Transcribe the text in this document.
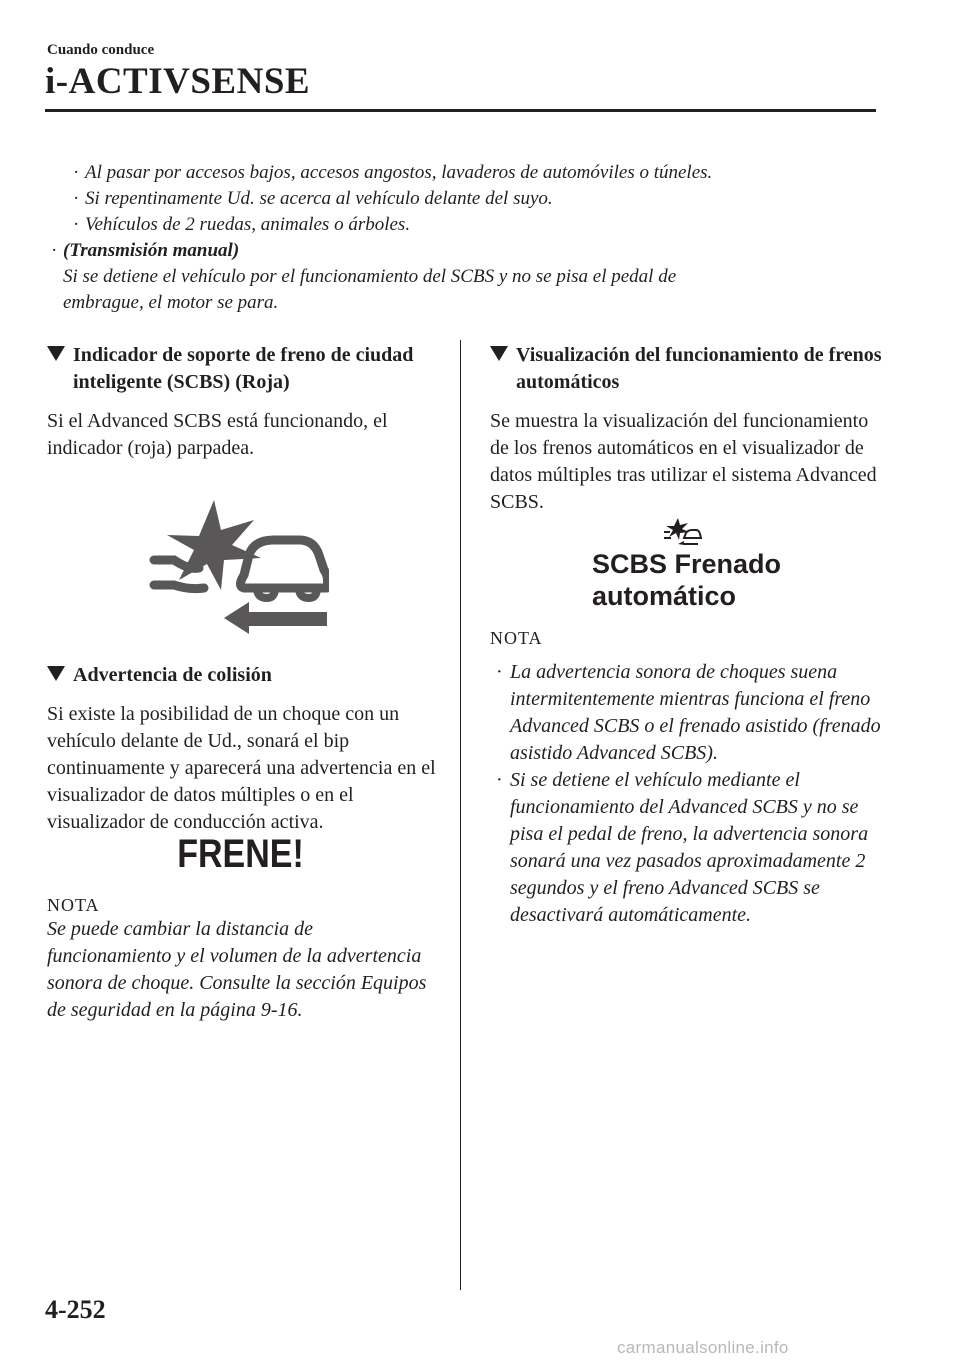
Cuando conduce
i-ACTIVSENSE
· Al pasar por accesos bajos, accesos angostos, lavaderos de automóviles o túneles.
· Si repentinamente Ud. se acerca al vehículo delante del suyo.
· Vehículos de 2 ruedas, animales o árboles.
· (Transmisión manual)
Si se detiene el vehículo por el funcionamiento del SCBS y no se pisa el pedal de
embrague, el motor se para.
Indicador de soporte de freno de ciudad inteligente (SCBS) (Roja)
Si el Advanced SCBS está funcionando, el indicador (roja) parpadea.
Advertencia de colisión
Si existe la posibilidad de un choque con un vehículo delante de Ud., sonará el bip continuamente y aparecerá una advertencia en el visualizador de datos múltiples o en el visualizador de conducción activa.
FRENE!
NOTA
Se puede cambiar la distancia de funcionamiento y el volumen de la advertencia sonora de choque. Consulte la sección Equipos de seguridad en la página 9-16.
Visualización del funcionamiento de frenos automáticos
Se muestra la visualización del funcionamiento de los frenos automáticos en el visualizador de datos múltiples tras utilizar el sistema Advanced SCBS.
SCBS Frenado
automático
NOTA
· La advertencia sonora de choques suena intermitentemente mientras funciona el freno Advanced SCBS o el frenado asistido (frenado asistido Advanced SCBS).
· Si se detiene el vehículo mediante el funcionamiento del Advanced SCBS y no se pisa el pedal de freno, la advertencia sonora sonará una vez pasados aproximadamente 2 segundos y el freno Advanced SCBS se desactivará automáticamente.
4-252
carmanualsonline.info
